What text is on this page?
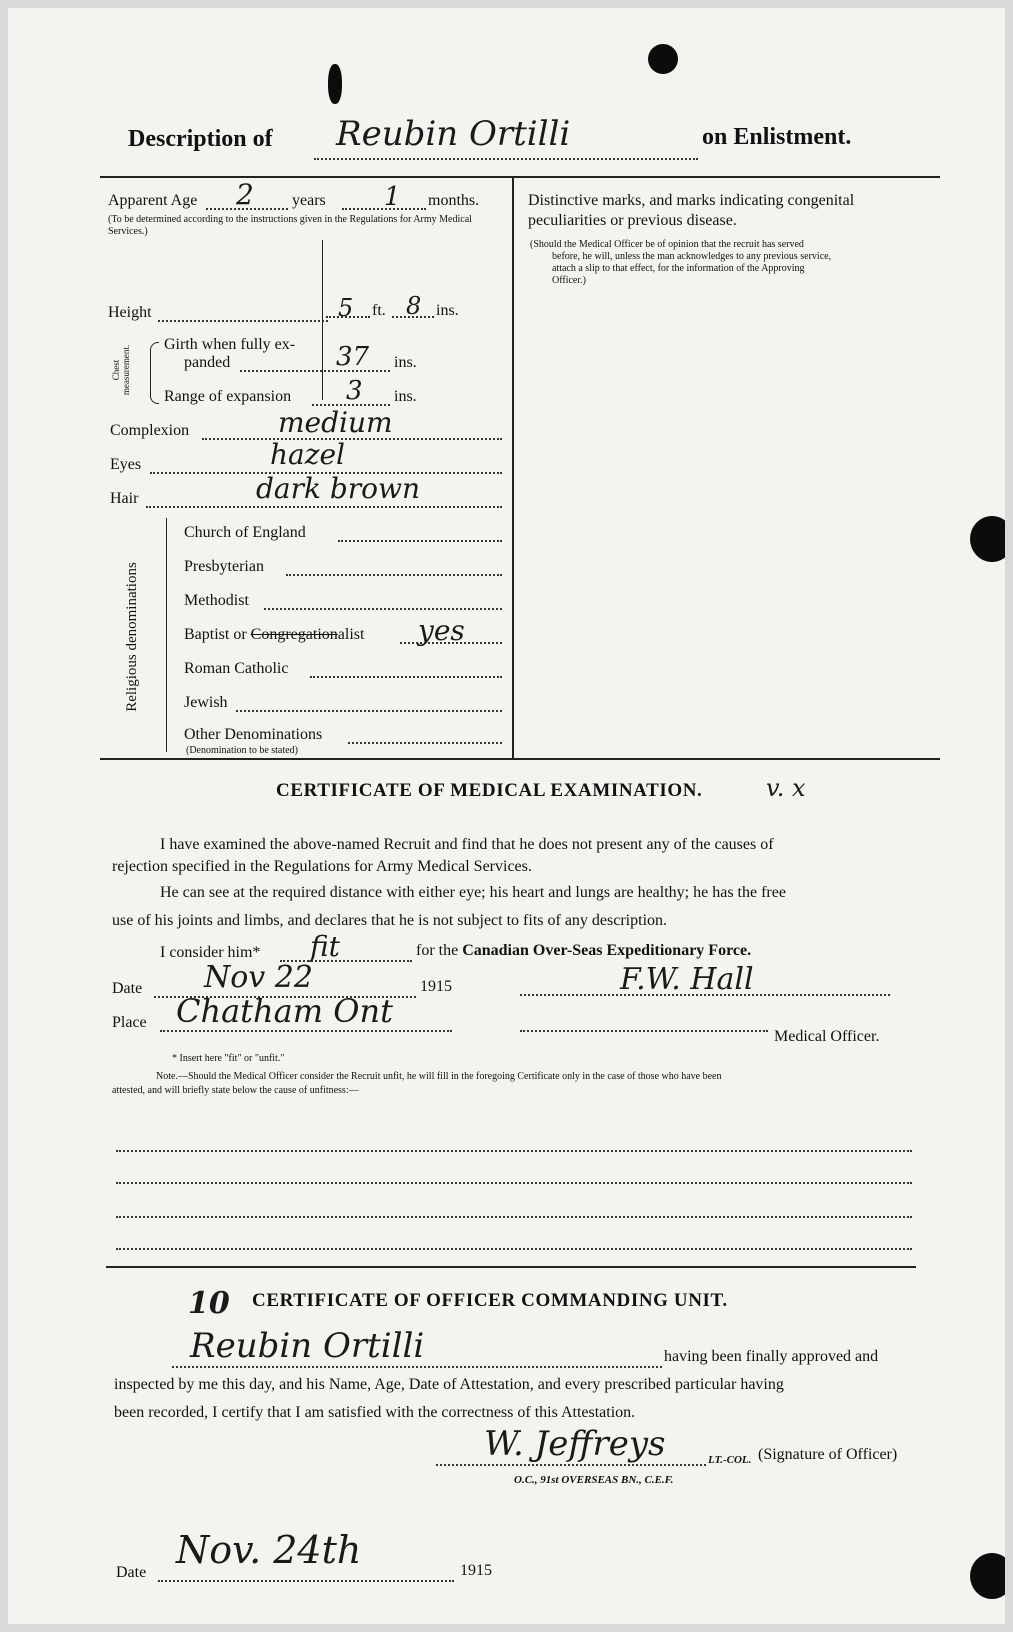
Description of Reubin Ortilli	on Enlistment.
Apparent Age 2 years 1 months.
(To be determined according to the instructions given in the Regulations for Army Medical Services.)
Height	5 ft. 8 ins.
Chest measurement.
Girth when fully ex-
panded	37 ins.
Range of expansion 3 ins.
Complexion	medium
Eyes	hazel
Hair	dark brown
Religious denominations
Church of England
Presbyterian
Methodist
Baptist or Congregationalist yes
Roman Catholic
Jewish
Other Denominations
(Denomination to be stated)
Distinctive marks, and marks indicating congenital
peculiarities or previous disease.
(Should the Medical Officer be of opinion that the recruit has served
before, he will, unless the man acknowledges to any previous service,
attach a slip to that effect, for the information of the Approving
Officer.)
CERTIFICATE OF MEDICAL EXAMINATION.	v. x
I have examined the above-named Recruit and find that he does not present any of the causes of
rejection specified in the Regulations for Army Medical Services.
He can see at the required distance with either eye; his heart and lungs are healthy; he has the free
use of his joints and limbs, and declares that he is not subject to fits of any description.
I consider him* fit	for the Canadian Over-Seas Expeditionary Force.
Date Nov 22	1915	F.W. Hall
Place Chatham Ont
Medical Officer.
* Insert here "fit" or "unfit."
Note.—Should the Medical Officer consider the Recruit unfit, he will fill in the foregoing Certificate only in the case of those who have been
attested, and will briefly state below the cause of unfitness:—
10 CERTIFICATE OF OFFICER COMMANDING UNIT.
Reubin Ortilli	having been finally approved and
inspected by me this day, and his Name, Age, Date of Attestation, and every prescribed particular having
been recorded, I certify that I am satisfied with the correctness of this Attestation.
W. Jeffreys	LT.-COL. (Signature of Officer)
O.C., 91st OVERSEAS BN., C.E.F.
Date
Nov. 24th	1915
